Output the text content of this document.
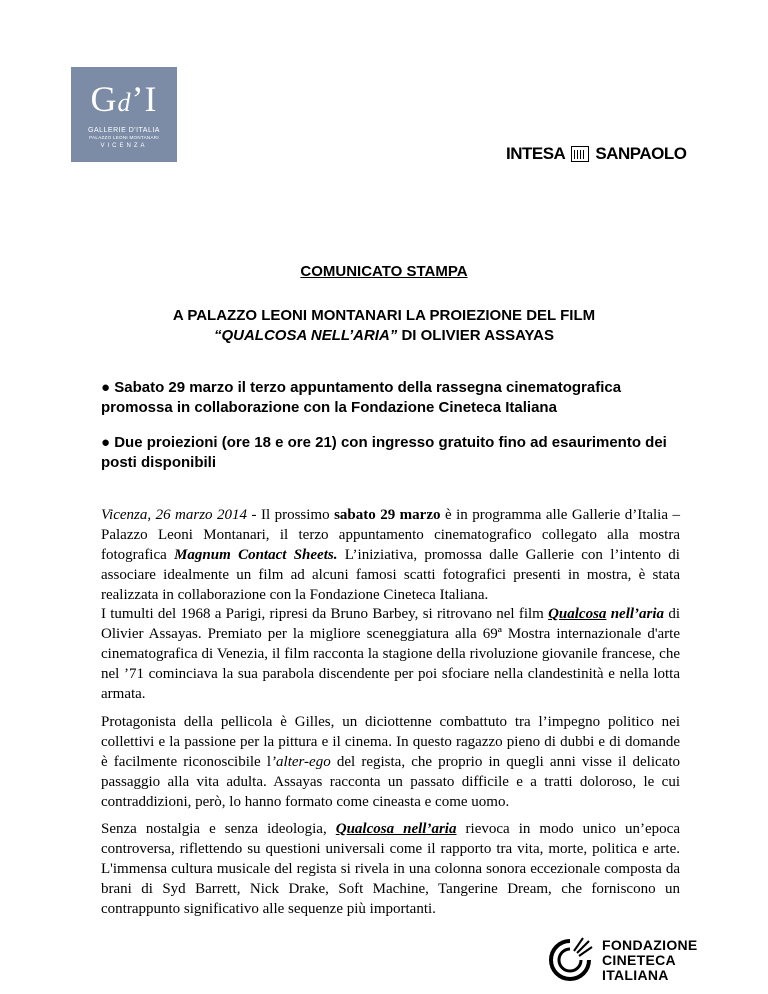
Gd’I
GALLERIE D'ITALIA
PALAZZO LEONI MONTANARI
VICENZA	INTESA SANPAOLO
COMUNICATO STAMPA
A PALAZZO LEONI MONTANARI LA PROIEZIONE DEL FILM
“QUALCOSA NELL’ARIA” DI OLIVIER ASSAYAS
● Sabato 29 marzo il terzo appuntamento della rassegna cinematografica promossa in collaborazione con la Fondazione Cineteca Italiana
● Due proiezioni (ore 18 e ore 21) con ingresso gratuito fino ad esaurimento dei posti disponibili
Vicenza, 26 marzo 2014 - Il prossimo sabato 29 marzo è in programma alle Gallerie d’Italia – Palazzo Leoni Montanari, il terzo appuntamento cinematografico collegato alla mostra fotografica Magnum Contact Sheets. L’iniziativa, promossa dalle Gallerie con l’intento di associare idealmente un film ad alcuni famosi scatti fotografici presenti in mostra, è stata realizzata in collaborazione con la Fondazione Cineteca Italiana.
I tumulti del 1968 a Parigi, ripresi da Bruno Barbey, si ritrovano nel film Qualcosa nell’aria di Olivier Assayas. Premiato per la migliore sceneggiatura alla 69ª Mostra internazionale d'arte cinematografica di Venezia, il film racconta la stagione della rivoluzione giovanile francese, che nel ’71 cominciava la sua parabola discendente per poi sfociare nella clandestinità e nella lotta armata.
Protagonista della pellicola è Gilles, un diciottenne combattuto tra l’impegno politico nei collettivi e la passione per la pittura e il cinema. In questo ragazzo pieno di dubbi e di domande è facilmente riconoscibile l’alter-ego del regista, che proprio in quegli anni visse il delicato passaggio alla vita adulta. Assayas racconta un passato difficile e a tratti doloroso, le cui contraddizioni, però, lo hanno formato come cineasta e come uomo.
Senza nostalgia e senza ideologia, Qualcosa nell’aria rievoca in modo unico un’epoca controversa, riflettendo su questioni universali come il rapporto tra vita, morte, politica e arte. L'immensa cultura musicale del regista si rivela in una colonna sonora eccezionale composta da brani di Syd Barrett, Nick Drake, Soft Machine, Tangerine Dream, che forniscono un contrappunto significativo alle sequenze più importanti.
FONDAZIONE
CINETECA
ITALIANA
